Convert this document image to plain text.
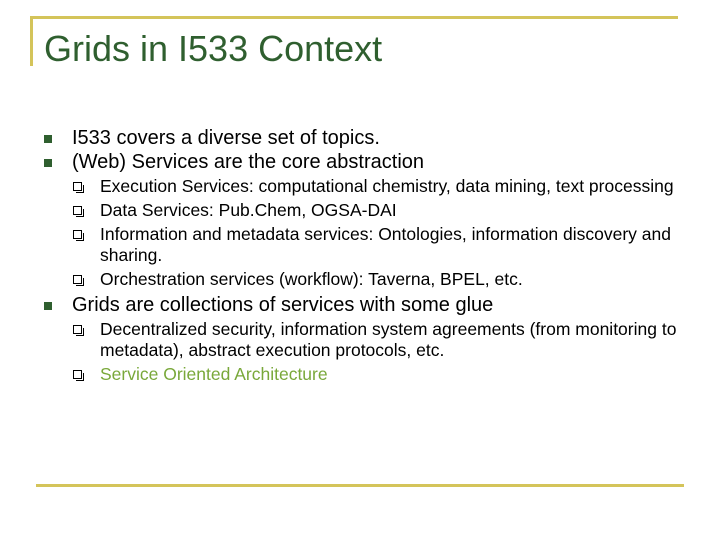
Grids in I533 Context
I533 covers a diverse set of topics.
(Web) Services are the core abstraction
Execution Services: computational chemistry, data mining, text processing
Data Services: Pub.Chem, OGSA-DAI
Information and metadata services: Ontologies, information discovery and sharing.
Orchestration services (workflow): Taverna, BPEL, etc.
Grids are collections of services with some glue
Decentralized security, information system agreements (from monitoring to metadata), abstract execution protocols, etc.
Service Oriented Architecture
